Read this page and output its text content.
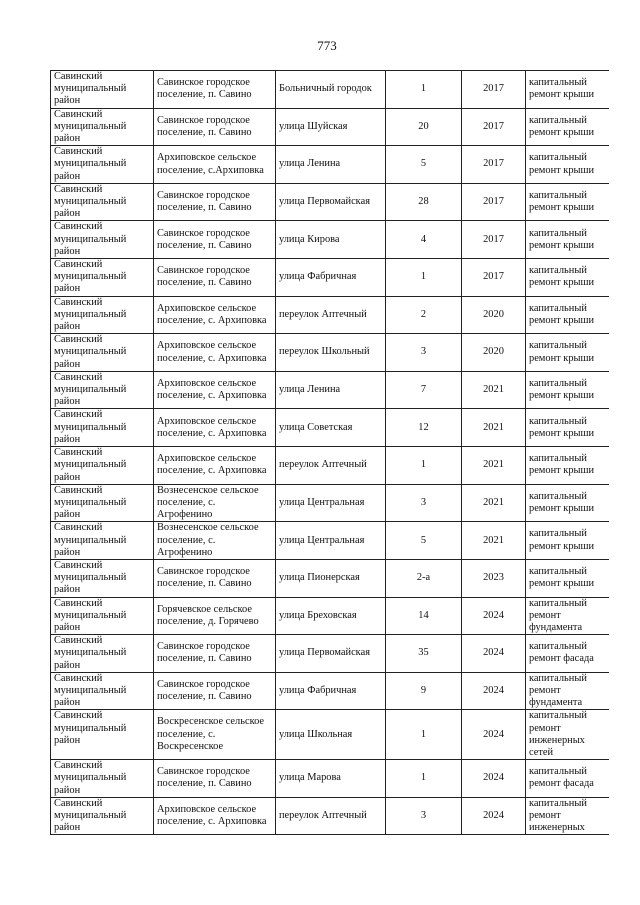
773
Савинский муниципальный район	Савинское городское поселение, п. Савино	Больничный городок	1	2017	капитальный ремонт крыши
Савинский муниципальный район	Савинское городское поселение, п. Савино	улица Шуйская	20	2017	капитальный ремонт крыши
Савинский муниципальный район	Архиповское сельское поселение, с.Архиповка	улица Ленина	5	2017	капитальный ремонт крыши
Савинский муниципальный район	Савинское городское поселение, п. Савино	улица Первомайская	28	2017	капитальный ремонт крыши
Савинский муниципальный район	Савинское городское поселение, п. Савино	улица Кирова	4	2017	капитальный ремонт крыши
Савинский муниципальный район	Савинское городское поселение, п. Савино	улица Фабричная	1	2017	капитальный ремонт крыши
Савинский муниципальный район	Архиповское сельское поселение, с. Архиповка	переулок Аптечный	2	2020	капитальный ремонт крыши
Савинский муниципальный район	Архиповское сельское поселение, с. Архиповка	переулок Школьный	3	2020	капитальный ремонт крыши
Савинский муниципальный район	Архиповское сельское поселение, с. Архиповка	улица Ленина	7	2021	капитальный ремонт крыши
Савинский муниципальный район	Архиповское сельское поселение, с. Архиповка	улица Советская	12	2021	капитальный ремонт крыши
Савинский муниципальный район	Архиповское сельское поселение, с. Архиповка	переулок Аптечный	1	2021	капитальный ремонт крыши
Савинский муниципальный район	Вознесенское сельское поселение, с. Агрофенино	улица Центральная	3	2021	капитальный ремонт крыши
Савинский муниципальный район	Вознесенское сельское поселение, с. Агрофенино	улица Центральная	5	2021	капитальный ремонт крыши
Савинский муниципальный район	Савинское городское поселение, п. Савино	улица Пионерская	2-а	2023	капитальный ремонт крыши
Савинский муниципальный район	Горячевское сельское поселение, д. Горячево	улица Бреховская	14	2024	капитальный ремонт фундамента
Савинский муниципальный район	Савинское городское поселение, п. Савино	улица Первомайская	35	2024	капитальный ремонт фасада
Савинский муниципальный район	Савинское городское поселение, п. Савино	улица Фабричная	9	2024	капитальный ремонт фундамента
Савинский муниципальный район	Воскресенское сельское поселение, с. Воскресенское	улица Школьная	1	2024	капитальный ремонт инженерных сетей
Савинский муниципальный район	Савинское городское поселение, п. Савино	улица Марова	1	2024	капитальный ремонт фасада
Савинский муниципальный район	Архиповское сельское поселение, с. Архиповка	переулок Аптечный	3	2024	капитальный ремонт инженерных
